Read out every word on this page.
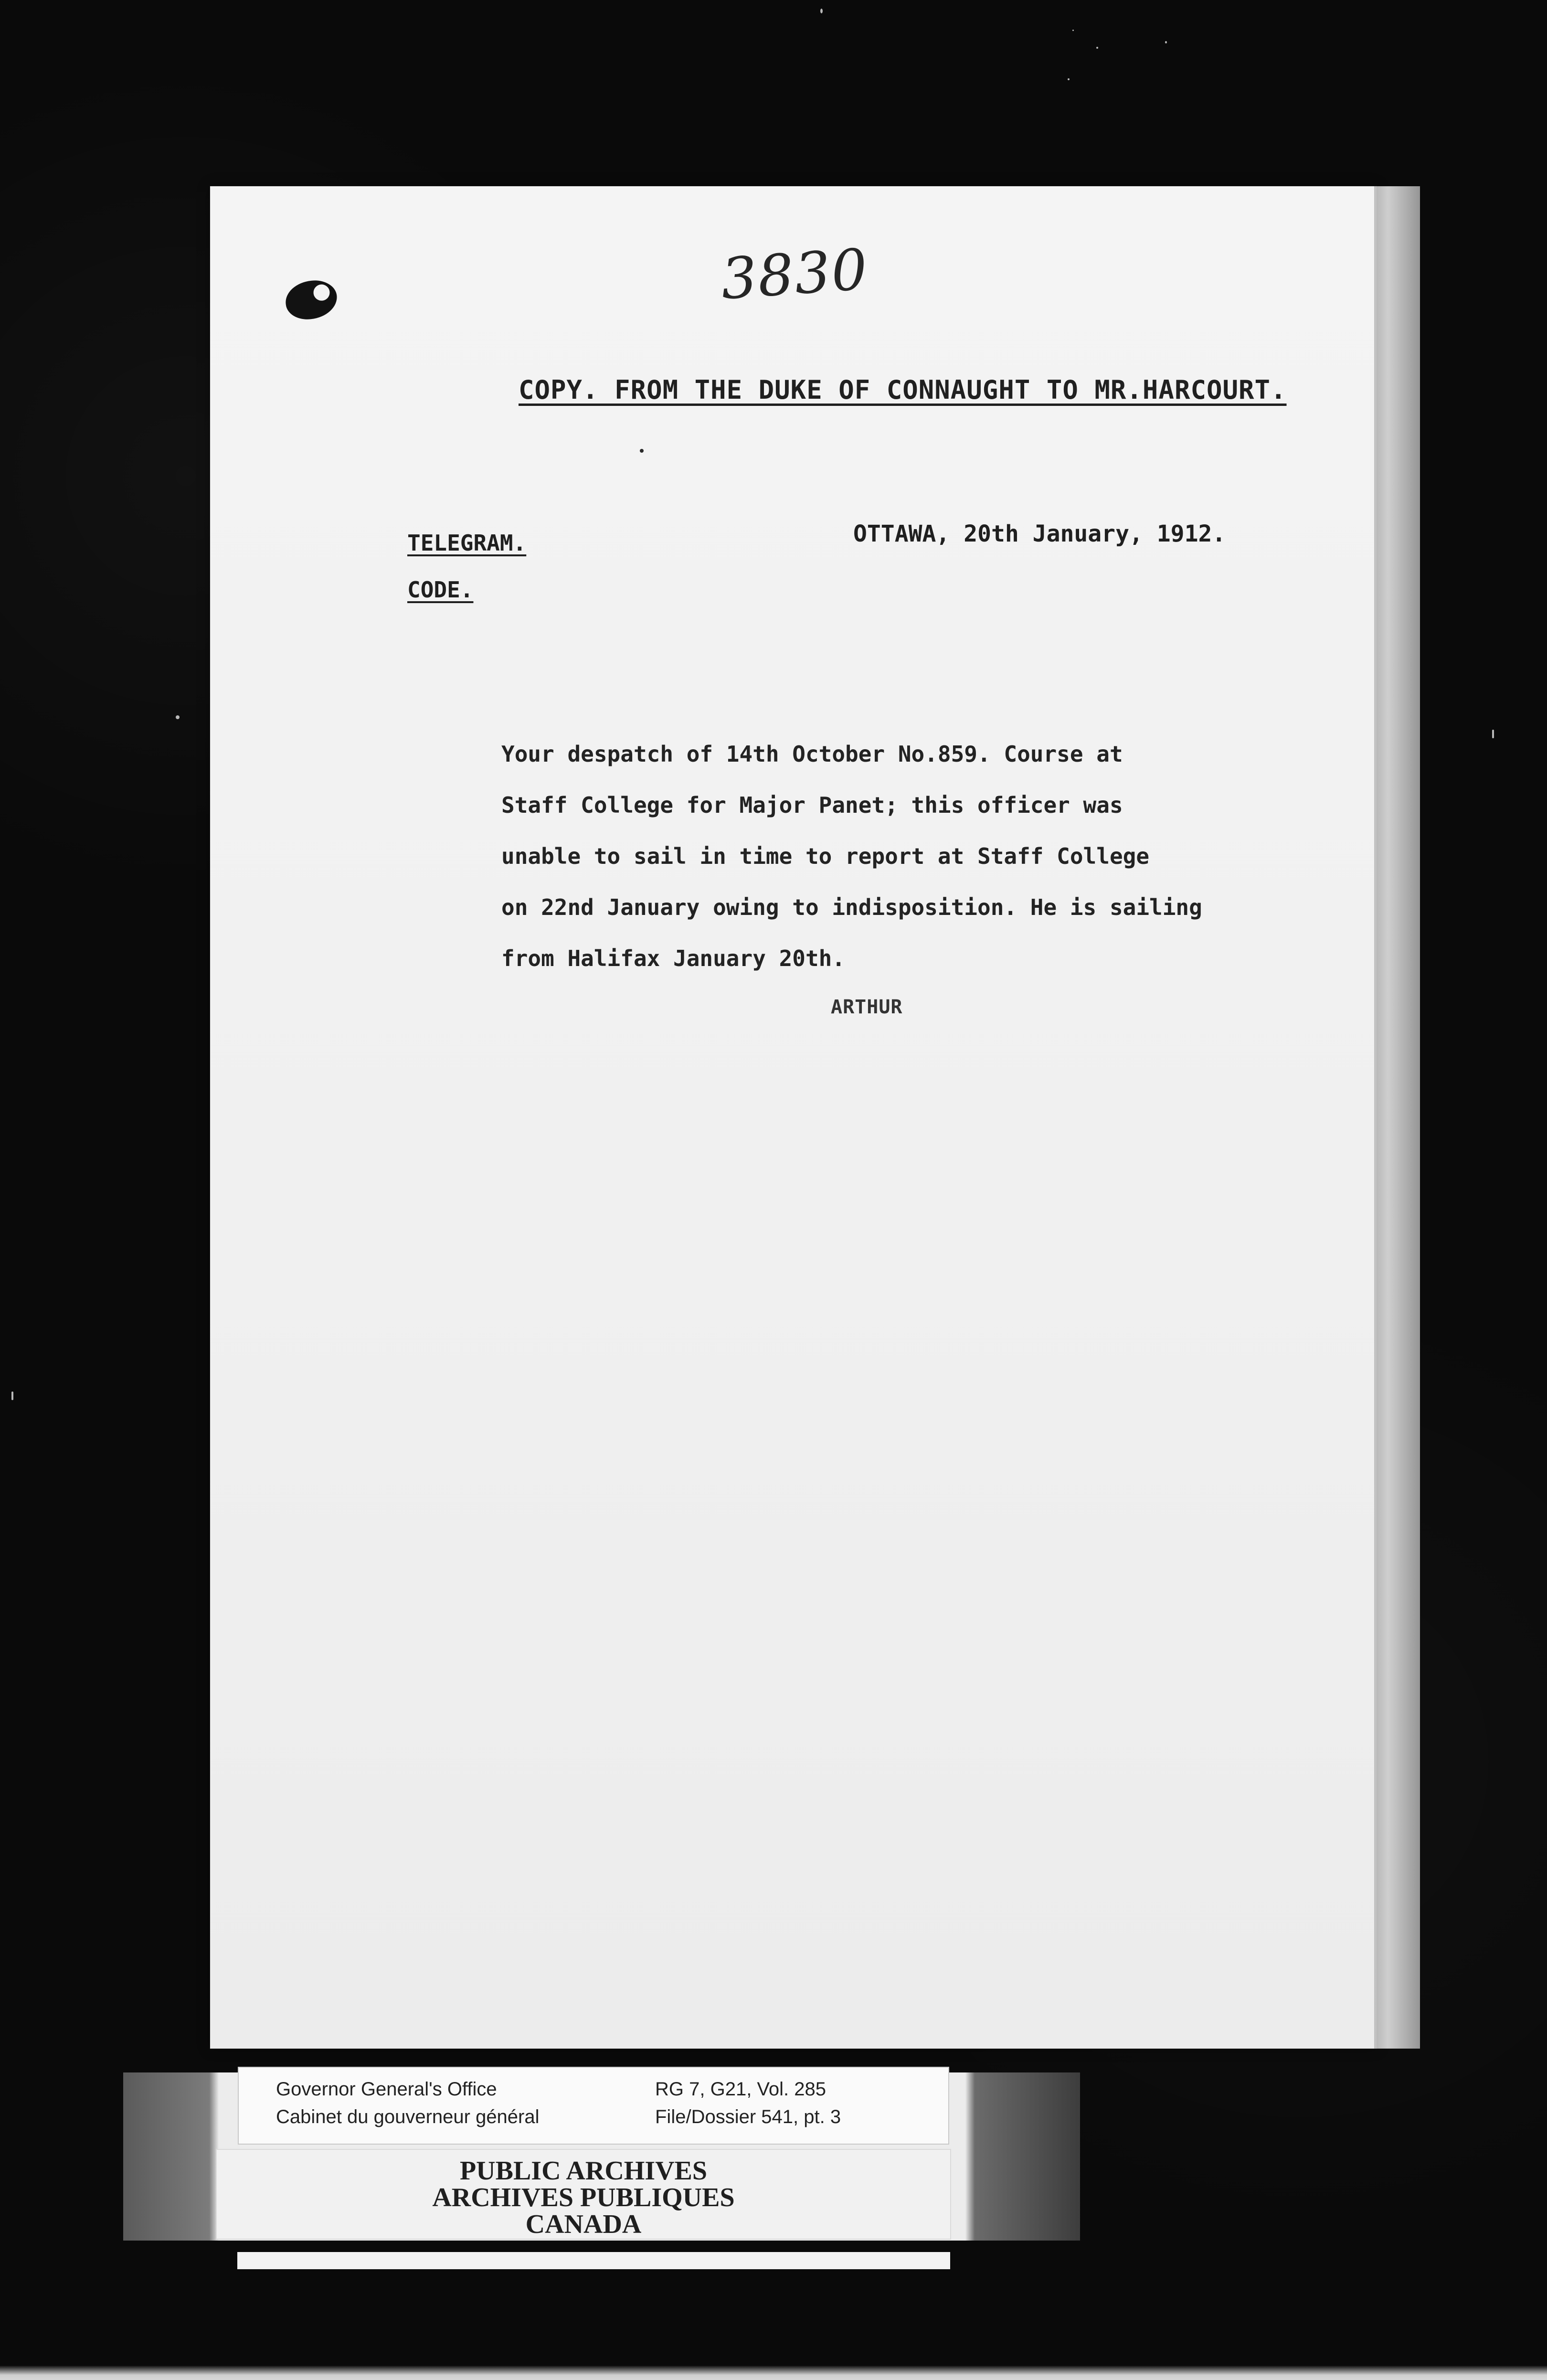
3830
COPY. FROM THE DUKE OF CONNAUGHT TO MR.HARCOURT.
TELEGRAM.
CODE.
OTTAWA, 20th January, 1912.
Your despatch of 14th October No.859. Course at
Staff College for Major Panet; this officer was
unable to sail in time to report at Staff College
on 22nd January owing to indisposition. He is sailing
from Halifax January 20th.
ARTHUR
Governor General's Office
Cabinet du gouverneur général
RG 7, G21, Vol. 285
File/Dossier 541, pt. 3
PUBLIC ARCHIVES
ARCHIVES PUBLIQUES
CANADA
